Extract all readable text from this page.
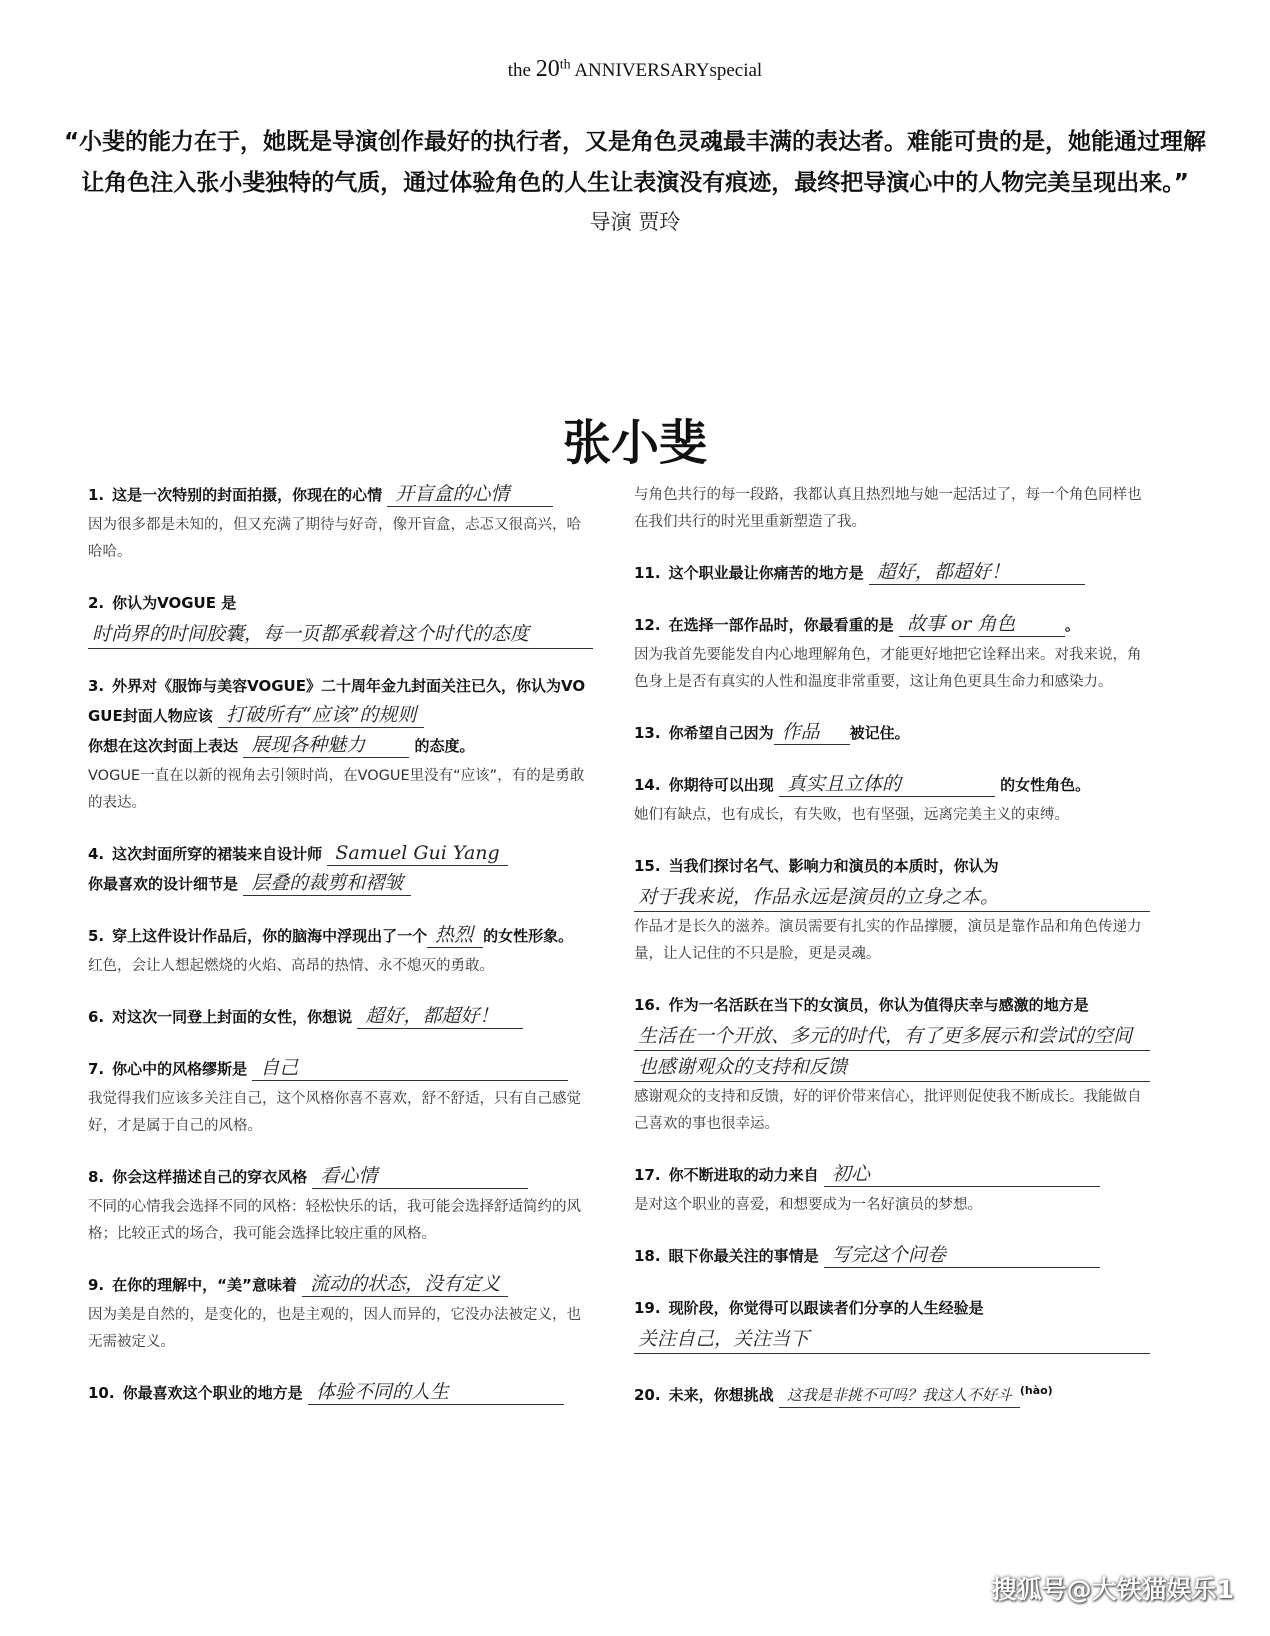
the 20th ANNIVERSARYspecial
“小斐的能力在于，她既是导演创作最好的执行者，又是角色灵魂最丰满的表达者。难能可贵的是，她能通过理解让角色注入张小斐独特的气质，通过体验角色的人生让表演没有痕迹，最终把导演心中的人物完美呈现出来。”
导演 贾玲
张小斐
1. 这是一次特别的封面拍摄，你现在的心情 开盲盒的心情
因为很多都是未知的，但又充满了期待与好奇，像开盲盒，忐忑又很高兴，哈哈哈。
2. 你认为VOGUE 是
时尚界的时间胶囊，每一页都承载着这个时代的态度
3. 外界对《服饰与美容VOGUE》二十周年金九封面关注已久，你认为VOGUE封面人物应该 打破所有“应该”的规则
你想在这次封面上表达 展现各种魅力	的态度。
VOGUE一直在以新的视角去引领时尚，在VOGUE里没有“应该”，有的是勇敢的表达。
4. 这次封面所穿的裙装来自设计师 Samuel Gui Yang
你最喜欢的设计细节是 层叠的裁剪和褶皱
5. 穿上这件设计作品后，你的脑海中浮现出了一个 热烈 的女性形象。
红色，会让人想起燃烧的火焰、高昂的热情、永不熄灭的勇敢。
6. 对这次一同登上封面的女性，你想说 超好，都超好！
7. 你心中的风格缪斯是 自己
我觉得我们应该多关注自己，这个风格你喜不喜欢，舒不舒适，只有自己感觉好，才是属于自己的风格。
8. 你会这样描述自己的穿衣风格 看心情
不同的心情我会选择不同的风格：轻松快乐的话，我可能会选择舒适简约的风格；比较正式的场合，我可能会选择比较庄重的风格。
9. 在你的理解中，“美”意味着 流动的状态，没有定义
因为美是自然的，是变化的，也是主观的，因人而异的，它没办法被定义，也无需被定义。
10. 你最喜欢这个职业的地方是 体验不同的人生
与角色共行的每一段路，我都认真且热烈地与她一起活过了，每一个角色同样也在我们共行的时光里重新塑造了我。
11. 这个职业最让你痛苦的地方是 超好，都超好！
12. 在选择一部作品时，你最看重的是 故事 or 角色	。
因为我首先要能发自内心地理解角色，才能更好地把它诠释出来。对我来说，角色身上是否有真实的人性和温度非常重要，这让角色更具生命力和感染力。
13. 你希望自己因为 作品 被记住。
14. 你期待可以出现 真实且立体的	的女性角色。
她们有缺点，也有成长，有失败，也有坚强，远离完美主义的束缚。
15. 当我们探讨名气、影响力和演员的本质时，你认为
对于我来说，作品永远是演员的立身之本。
作品才是长久的滋养。演员需要有扎实的作品撑腰，演员是靠作品和角色传递力量，让人记住的不只是脸，更是灵魂。
16. 作为一名活跃在当下的女演员，你认为值得庆幸与感激的地方是
生活在一个开放、多元的时代，有了更多展示和尝试的空间
也感谢观众的支持和反馈
感谢观众的支持和反馈，好的评价带来信心，批评则促使我不断成长。我能做自己喜欢的事也很幸运。
17. 你不断进取的动力来自 初心
是对这个职业的喜爱，和想要成为一名好演员的梦想。
18. 眼下你最关注的事情是 写完这个问卷
19. 现阶段，你觉得可以跟读者们分享的人生经验是
关注自己，关注当下
20. 未来，你想挑战 这我是非挑不可吗？我这人不好斗 $^{(hào)}$
搜狐号@大铁猫娱乐1
